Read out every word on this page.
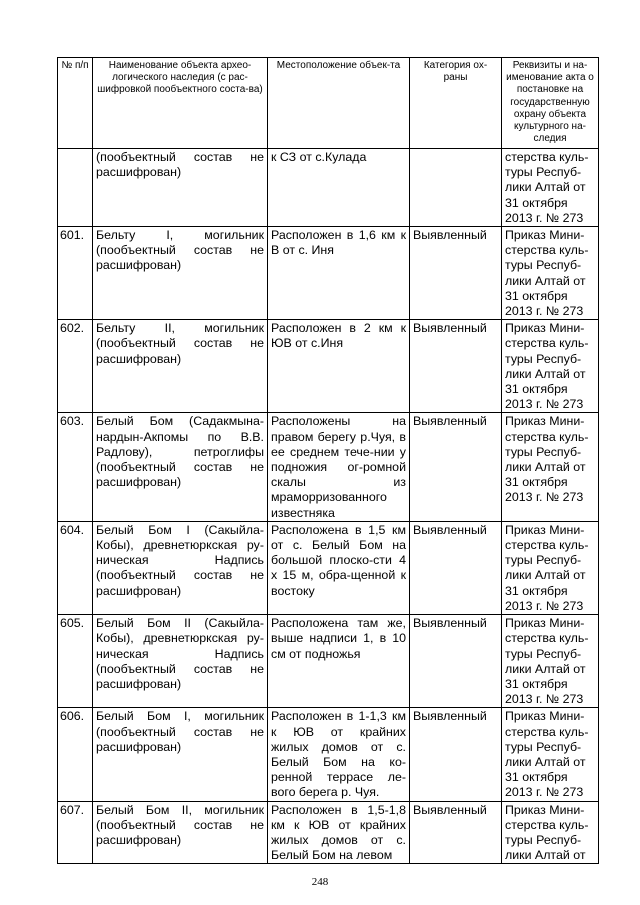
№ п/п	Наименование объекта архео-логического наследия (с рас-шифровкой пообъектного соста-ва)	Местоположение объек-та	Категория ох-раны	Реквизиты и на-именование акта о постановке на государственную охрану объекта культурного на-следия
	(пообъектный состав не расшифрован)	к СЗ от с.Кулада		стерства куль-туры Респуб-лики Алтай от 31 октября 2013 г. № 273
601.	Бельту I, могильник (пообъектный состав не расшифрован)	Расположен в 1,6 км к В от с. Иня	Выявленный	Приказ Мини-стерства куль-туры Респуб-лики Алтай от 31 октября 2013 г. № 273
602.	Бельту II, могильник (пообъектный состав не расшифрован)	Расположен в 2 км к ЮВ от с.Иня	Выявленный	Приказ Мини-стерства куль-туры Респуб-лики Алтай от 31 октября 2013 г. № 273
603.	Белый Бом (Садакмына-нардын-Акпомы по В.В. Радлову), петроглифы (пообъектный состав не расшифрован)	Расположены на правом берегу р.Чуя, в ее среднем тече-нии у подножия ог-ромной скалы из мраморризованного известняка	Выявленный	Приказ Мини-стерства куль-туры Респуб-лики Алтай от 31 октября 2013 г. № 273
604.	Белый Бом I (Сакыйла-Кобы), древнетюркская ру-ническая Надпись (пообъектный состав не расшифрован)	Расположена в 1,5 км от с. Белый Бом на большой плоско-сти 4 х 15 м, обра-щенной к востоку	Выявленный	Приказ Мини-стерства куль-туры Респуб-лики Алтай от 31 октября 2013 г. № 273
605.	Белый Бом II (Сакыйла-Кобы), древнетюркская ру-ническая Надпись (пообъектный состав не расшифрован)	Расположена там же, выше надписи 1, в 10 см от подножья	Выявленный	Приказ Мини-стерства куль-туры Респуб-лики Алтай от 31 октября 2013 г. № 273
606.	Белый Бом I, могильник (пообъектный состав не расшифрован)	Расположен в 1-1,3 км к ЮВ от крайних жилых домов от с. Белый Бом на ко-ренной террасе ле-вого берега р. Чуя.	Выявленный	Приказ Мини-стерства куль-туры Респуб-лики Алтай от 31 октября 2013 г. № 273
607.	Белый Бом II, могильник (пообъектный состав не расшифрован)	Расположен в 1,5-1,8 км к ЮВ от крайних жилых домов от с. Белый Бом на левом	Выявленный	Приказ Мини-стерства куль-туры Респуб-лики Алтай от
248
